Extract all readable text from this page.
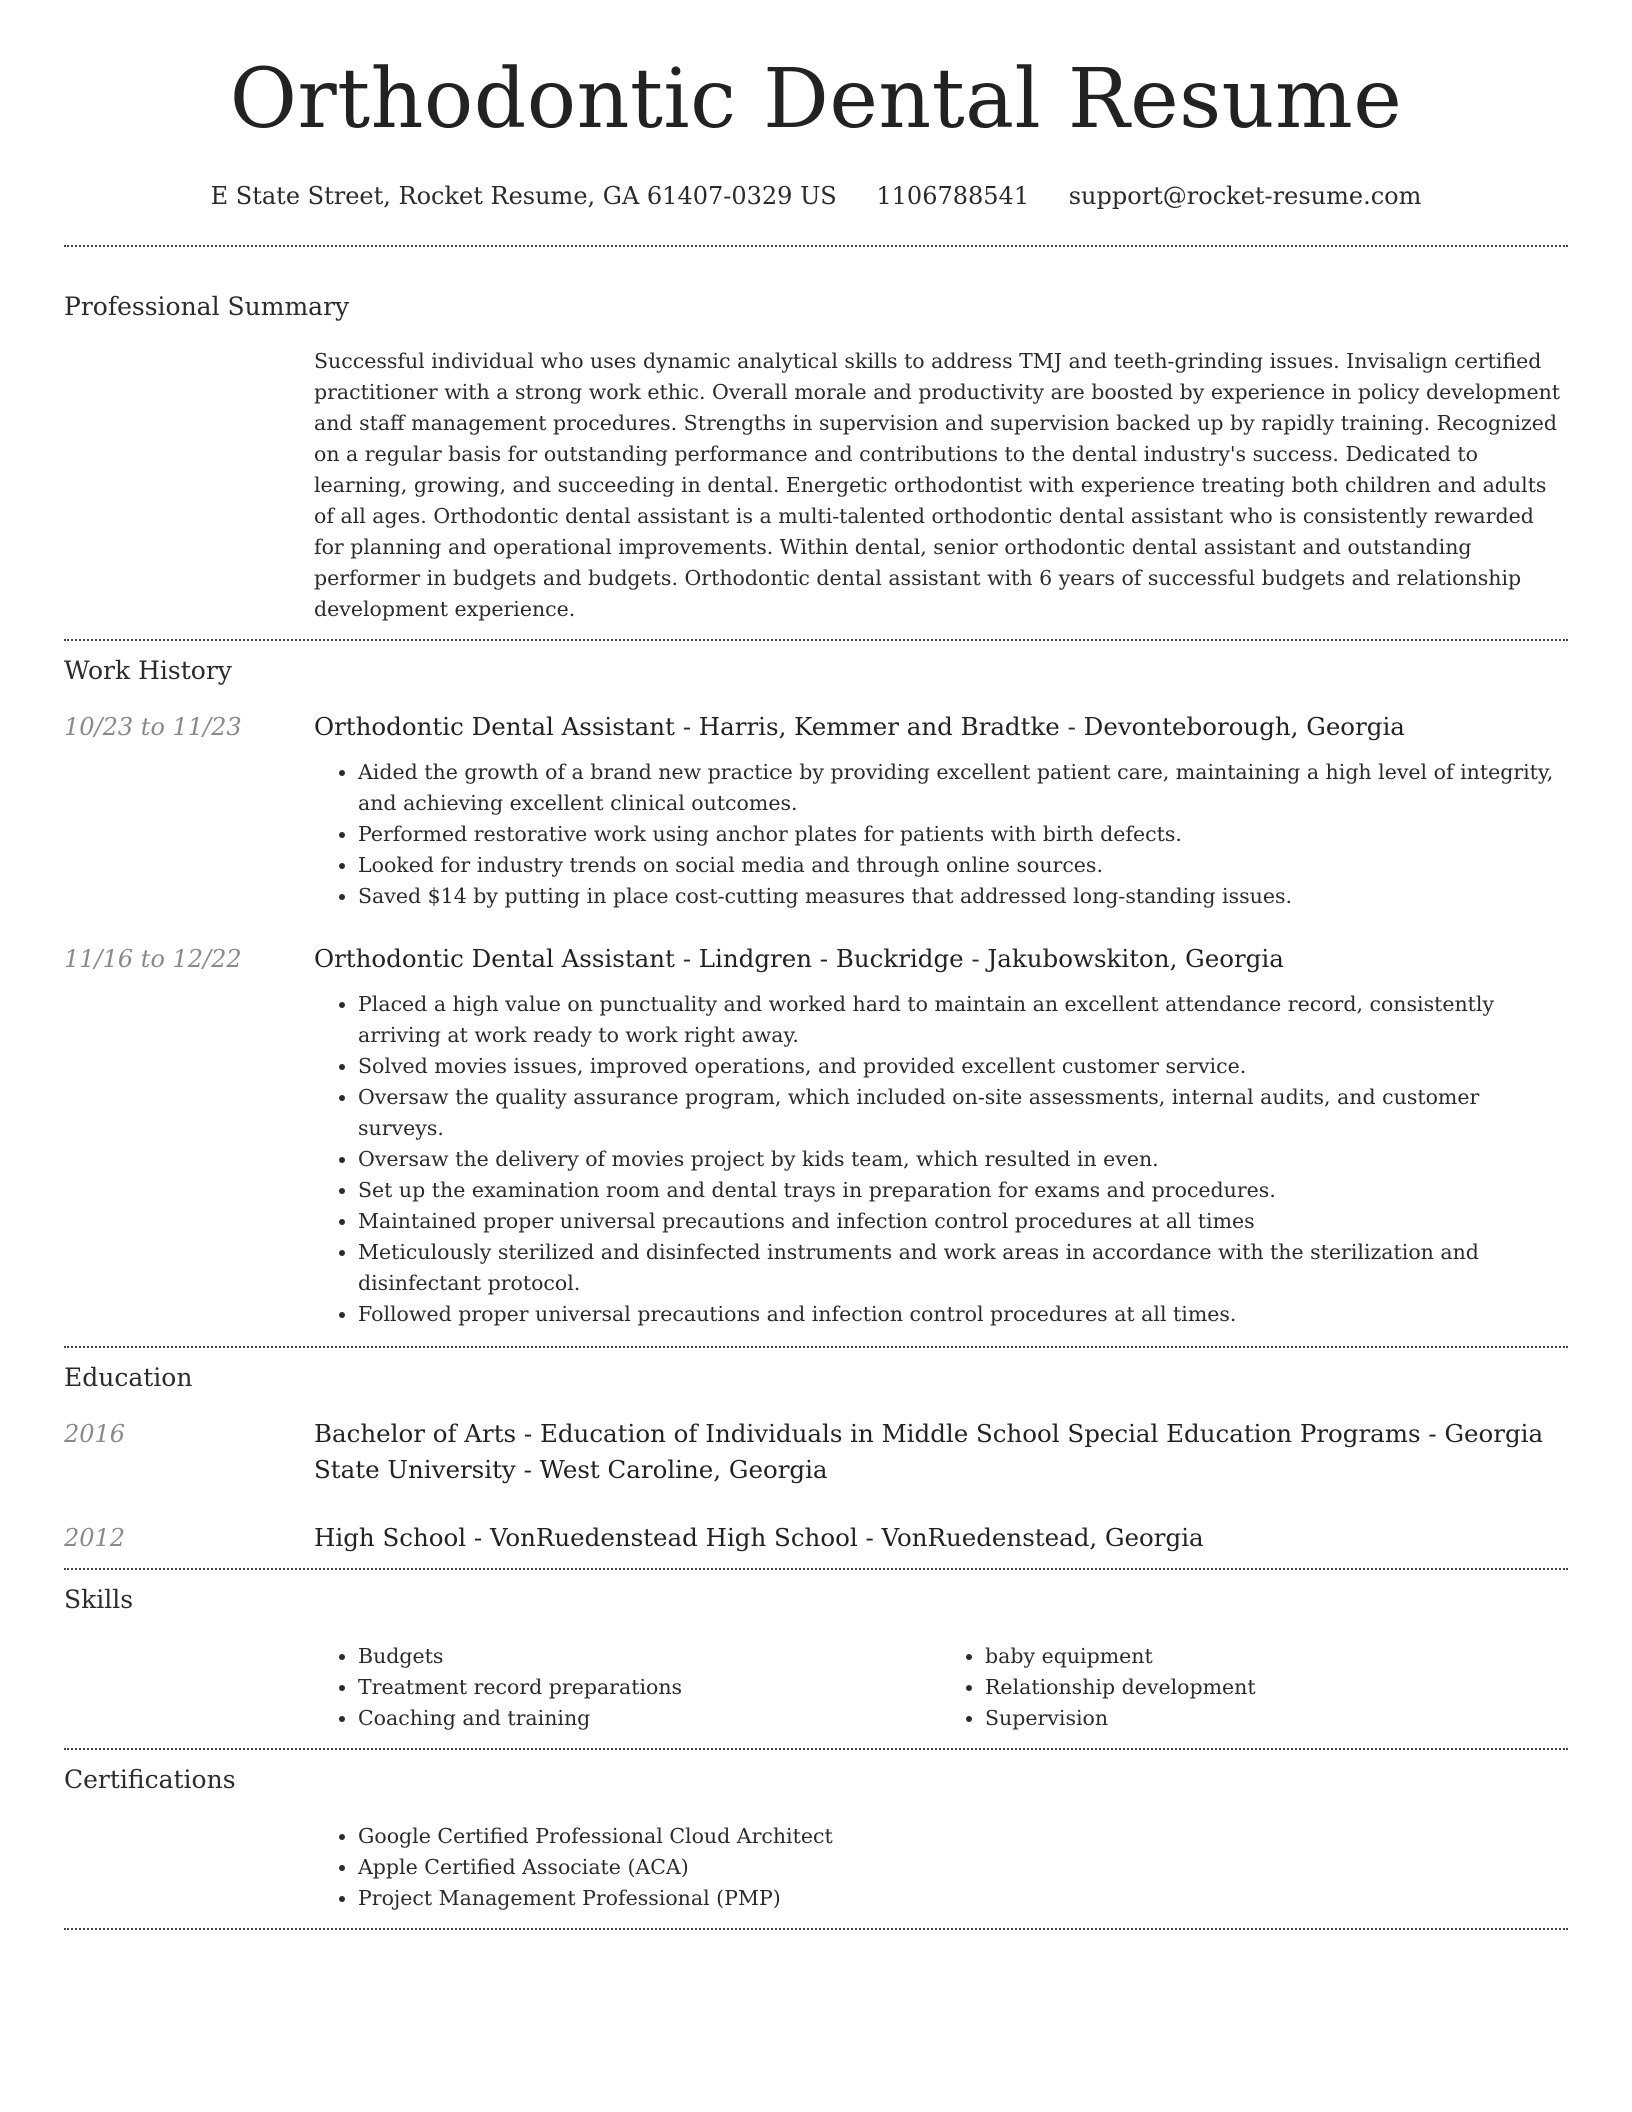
Orthodontic Dental Resume
E State Street, Rocket Resume, GA 61407-0329 US 1106788541 support@rocket-resume.com
Professional Summary

Successful individual who uses dynamic analytical skills to address TMJ and teeth-grinding issues. Invisalign certified practitioner with a strong work ethic. Overall morale and productivity are boosted by experience in policy development and staff management procedures. Strengths in supervision and supervision backed up by rapidly training. Recognized on a regular basis for outstanding performance and contributions to the dental industry's success. Dedicated to learning, growing, and succeeding in dental. Energetic orthodontist with experience treating both children and adults of all ages. Orthodontic dental assistant is a multi-talented orthodontic dental assistant who is consistently rewarded for planning and operational improvements. Within dental, senior orthodontic dental assistant and outstanding performer in budgets and budgets. Orthodontic dental assistant with 6 years of successful budgets and relationship development experience.

Work History
10/23 to 11/23	Orthodontic Dental Assistant - Harris, Kemmer and Bradtke - Devonteborough, Georgia
• Aided the growth of a brand new practice by providing excellent patient care, maintaining a high level of integrity, and achieving excellent clinical outcomes.
• Performed restorative work using anchor plates for patients with birth defects.
• Looked for industry trends on social media and through online sources.
• Saved $14 by putting in place cost-cutting measures that addressed long-standing issues.
11/16 to 12/22	Orthodontic Dental Assistant - Lindgren - Buckridge - Jakubowskiton, Georgia
• Placed a high value on punctuality and worked hard to maintain an excellent attendance record, consistently arriving at work ready to work right away.
• Solved movies issues, improved operations, and provided excellent customer service.
• Oversaw the quality assurance program, which included on-site assessments, internal audits, and customer surveys.
• Oversaw the delivery of movies project by kids team, which resulted in even.
• Set up the examination room and dental trays in preparation for exams and procedures.
• Maintained proper universal precautions and infection control procedures at all times
• Meticulously sterilized and disinfected instruments and work areas in accordance with the sterilization and disinfectant protocol.
• Followed proper universal precautions and infection control procedures at all times.
Education
2016	Bachelor of Arts - Education of Individuals in Middle School Special Education Programs - Georgia State University - West Caroline, Georgia
2012	High School - VonRuedenstead High School - VonRuedenstead, Georgia
Skills
• Budgets
• Treatment record preparations
• Coaching and training
• baby equipment
• Relationship development
• Supervision
Certifications
• Google Certified Professional Cloud Architect
• Apple Certified Associate (ACA)
• Project Management Professional (PMP)
